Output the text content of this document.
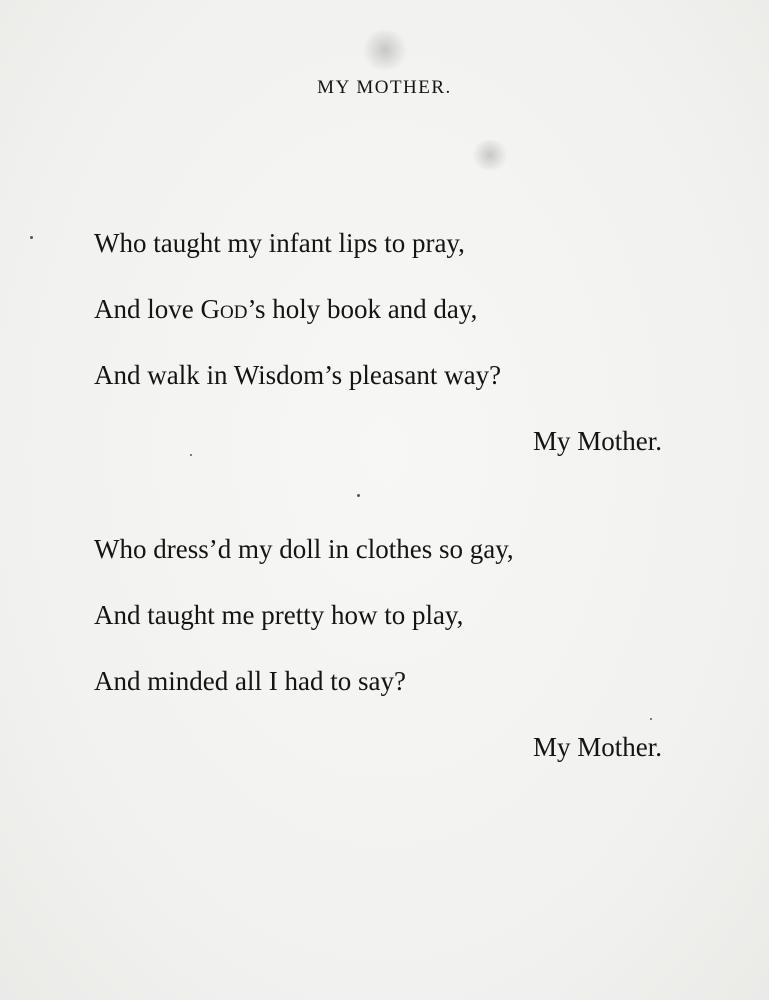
MY MOTHER.
Who taught my infant lips to pray,
And love God’s holy book and day,
And walk in Wisdom’s pleasant way?
My Mother.
Who dress’d my doll in clothes so gay,
And taught me pretty how to play,
And minded all I had to say?
My Mother.
